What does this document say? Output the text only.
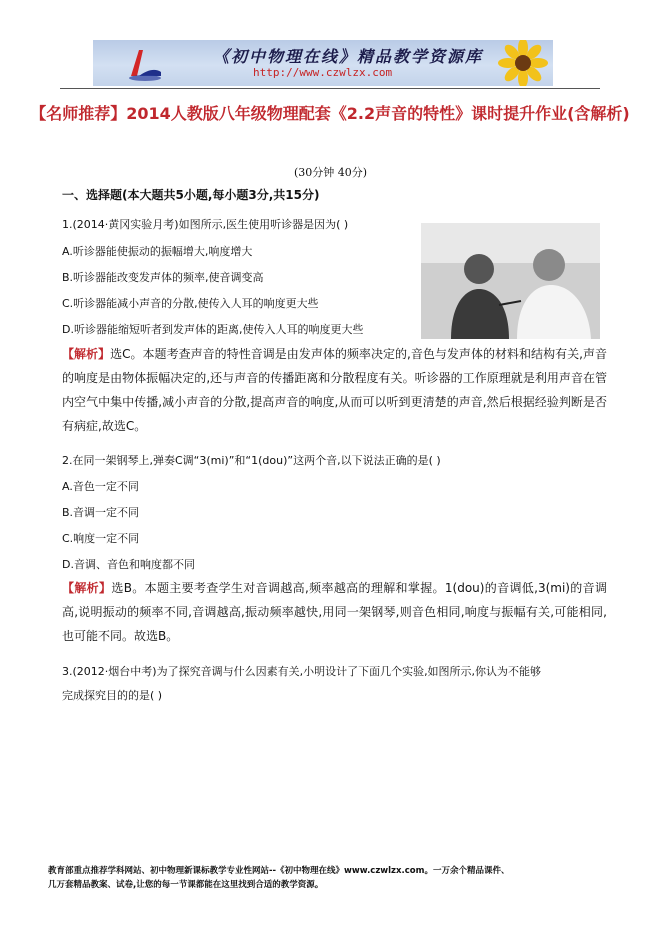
《初中物理在线》精品教学资源库
http://www.czwlzx.com
【名师推荐】2014人教版八年级物理配套《2.2声音的特性》课时提升作业(含解析)
(30分钟 40分)
一、选择题(本大题共5小题,每小题3分,共15分)
1.(2014·黄冈实验月考)如图所示,医生使用听诊器是因为( )
A.听诊器能使振动的振幅增大,响度增大
B.听诊器能改变发声体的频率,使音调变高
C.听诊器能减小声音的分散,使传入人耳的响度更大些
D.听诊器能缩短听者到发声体的距离,使传入人耳的响度更大些
【解析】选C。本题考查声音的特性音调是由发声体的频率决定的,音色与发声体的材料和结构有关,声音的响度是由物体振幅决定的,还与声音的传播距离和分散程度有关。听诊器的工作原理就是利用声音在管内空气中集中传播,减小声音的分散,提高声音的响度,从而可以听到更清楚的声音,然后根据经验判断是否有病症,故选C。
2.在同一架钢琴上,弹奏C调“3(mi)”和“1(dou)”这两个音,以下说法正确的是( )
A.音色一定不同
B.音调一定不同
C.响度一定不同
D.音调、音色和响度都不同
【解析】选B。本题主要考查学生对音调越高,频率越高的理解和掌握。1(dou)的音调低,3(mi)的音调高,说明振动的频率不同,音调越高,振动频率越快,用同一架钢琴,则音色相同,响度与振幅有关,可能相同,也可能不同。故选B。
3.(2012·烟台中考)为了探究音调与什么因素有关,小明设计了下面几个实验,如图所示,你认为不能够
完成探究目的的是( )
教育部重点推荐学科网站、初中物理新课标教学专业性网站--《初中物理在线》www.czwlzx.com。一万余个精品课件、
几万套精品教案、试卷,让您的每一节课都能在这里找到合适的教学资源。
